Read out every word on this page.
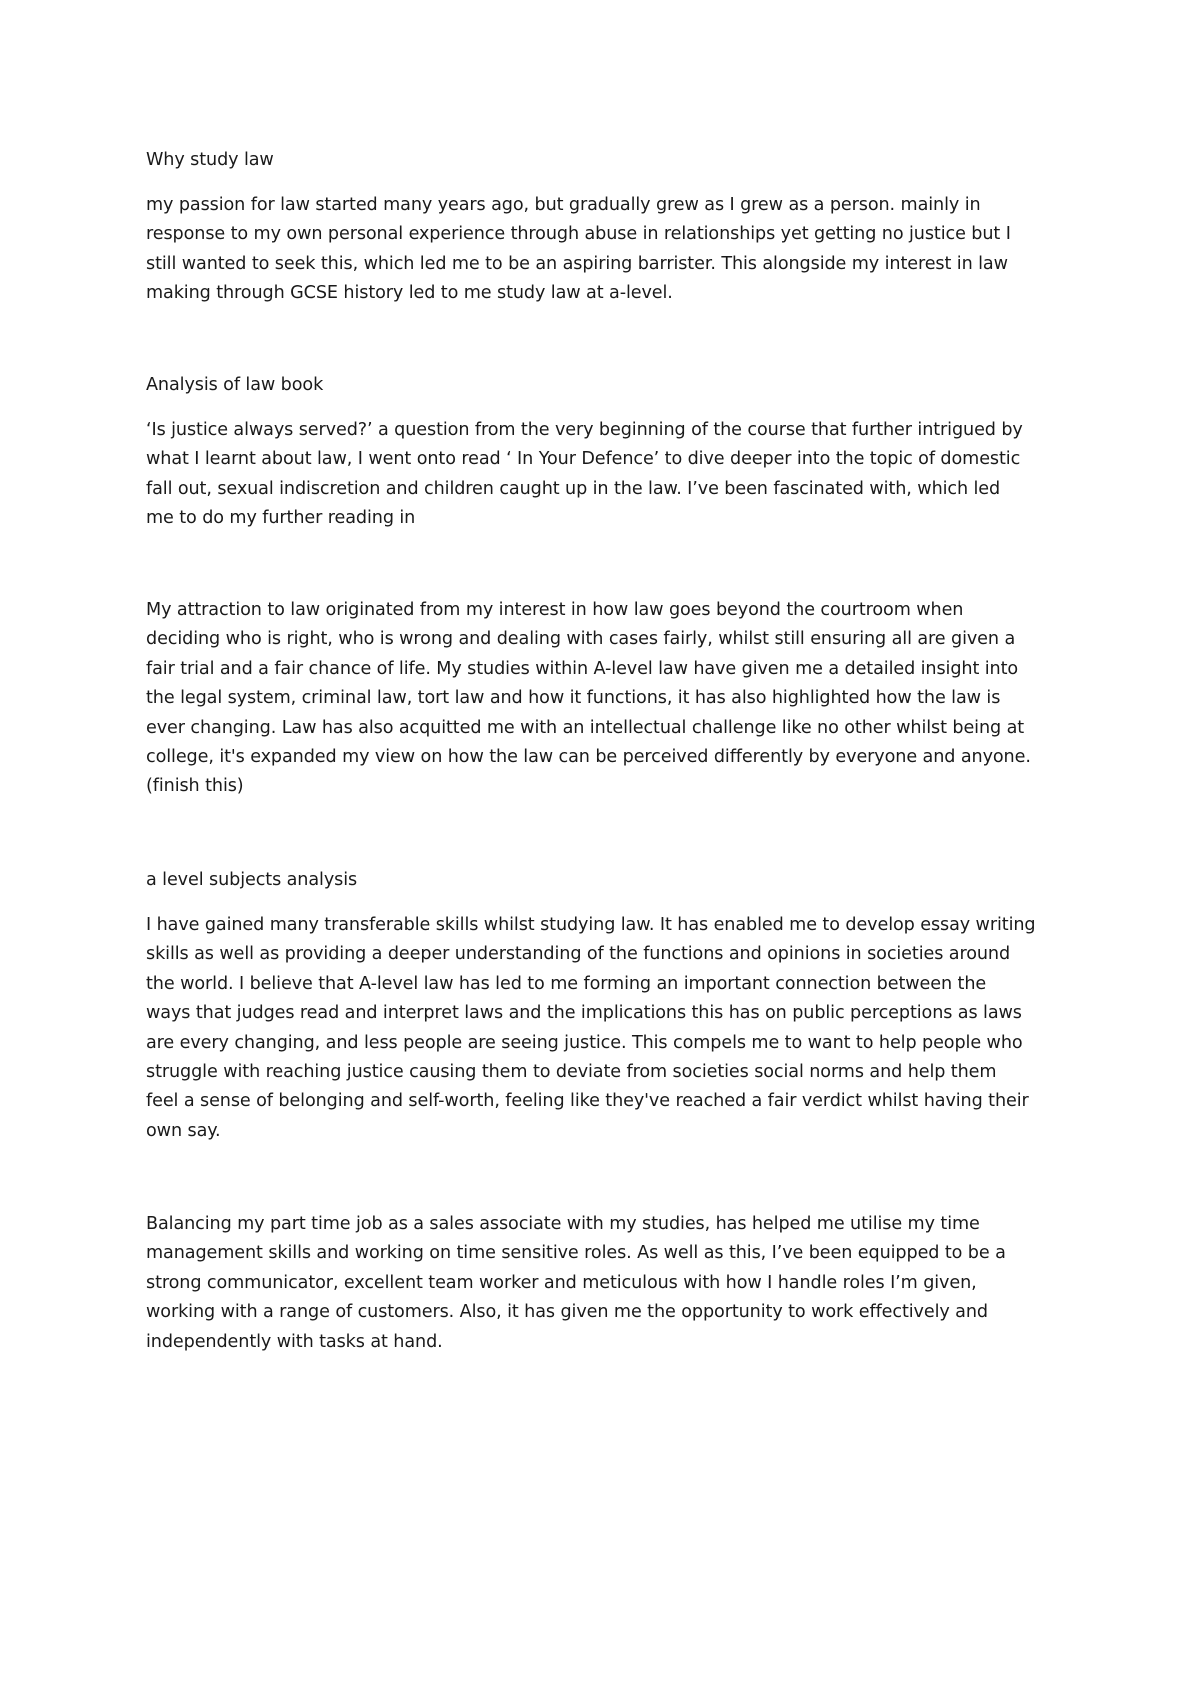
Why study law

my passion for law started many years ago, but gradually grew as I grew as a person. mainly in
response to my own personal experience through abuse in relationships yet getting no justice but I
still wanted to seek this, which led me to be an aspiring barrister. This alongside my interest in law
making through GCSE history led to me study law at a-level.

Analysis of law book

‘Is justice always served?’ a question from the very beginning of the course that further intrigued by
what I learnt about law, I went onto read ‘ In Your Defence’ to dive deeper into the topic of domestic
fall out, sexual indiscretion and children caught up in the law. I’ve been fascinated with, which led
me to do my further reading in
My attraction to law originated from my interest in how law goes beyond the courtroom when
deciding who is right, who is wrong and dealing with cases fairly, whilst still ensuring all are given a
fair trial and a fair chance of life. My studies within A-level law have given me a detailed insight into
the legal system, criminal law, tort law and how it functions, it has also highlighted how the law is
ever changing. Law has also acquitted me with an intellectual challenge like no other whilst being at
college, it's expanded my view on how the law can be perceived differently by everyone and anyone.
(finish this)

a level subjects analysis

I have gained many transferable skills whilst studying law. It has enabled me to develop essay writing
skills as well as providing a deeper understanding of the functions and opinions in societies around
the world. I believe that A-level law has led to me forming an important connection between the
ways that judges read and interpret laws and the implications this has on public perceptions as laws
are every changing, and less people are seeing justice. This compels me to want to help people who
struggle with reaching justice causing them to deviate from societies social norms and help them
feel a sense of belonging and self-worth, feeling like they've reached a fair verdict whilst having their
own say.
Balancing my part time job as a sales associate with my studies, has helped me utilise my time
management skills and working on time sensitive roles. As well as this, I’ve been equipped to be a
strong communicator, excellent team worker and meticulous with how I handle roles I’m given,
working with a range of customers. Also, it has given me the opportunity to work effectively and
independently with tasks at hand.
